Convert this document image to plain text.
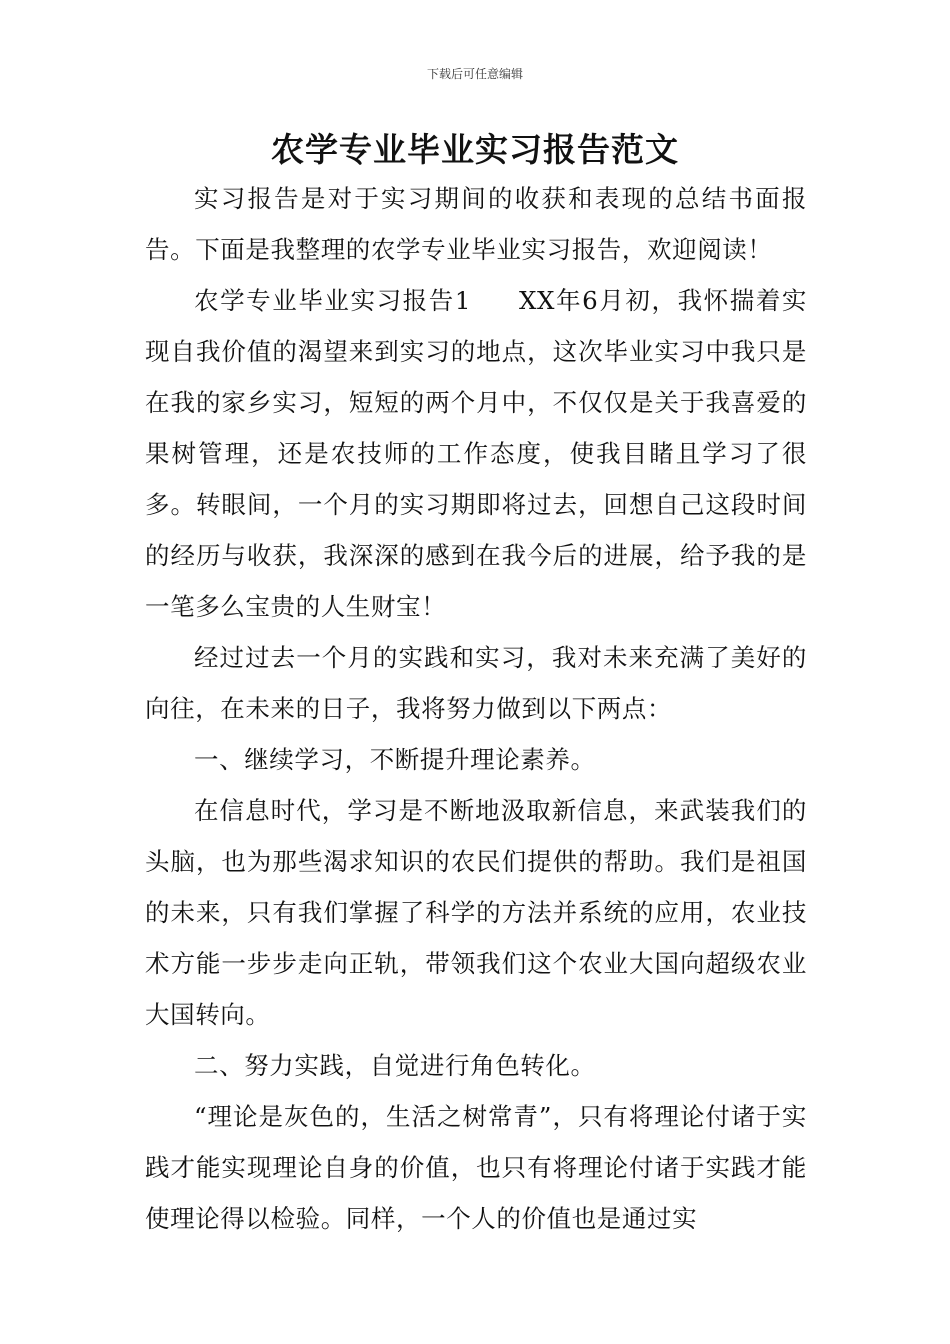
下载后可任意编辑
农学专业毕业实习报告范文

实习报告是对于实习期间的收获和表现的总结书面报告。下面是我整理的农学专业毕业实习报告，欢迎阅读！

农学专业毕业实习报告1 XX年6月初，我怀揣着实现自我价值的渴望来到实习的地点，这次毕业实习中我只是在我的家乡实习，短短的两个月中，不仅仅是关于我喜爱的果树管理，还是农技师的工作态度，使我目睹且学习了很多。转眼间，一个月的实习期即将过去，回想自己这段时间的经历与收获，我深深的感到在我今后的进展，给予我的是一笔多么宝贵的人生财宝！

经过过去一个月的实践和实习，我对未来充满了美好的向往，在未来的日子，我将努力做到以下两点：

一、继续学习，不断提升理论素养。

在信息时代，学习是不断地汲取新信息，来武装我们的头脑，也为那些渴求知识的农民们提供的帮助。我们是祖国的未来，只有我们掌握了科学的方法并系统的应用，农业技术方能一步步走向正轨，带领我们这个农业大国向超级农业大国转向。

二、努力实践，自觉进行角色转化。

“理论是灰色的，生活之树常青”，只有将理论付诸于实践才能实现理论自身的价值，也只有将理论付诸于实践才能使理论得以检验。同样，一个人的价值也是通过实
